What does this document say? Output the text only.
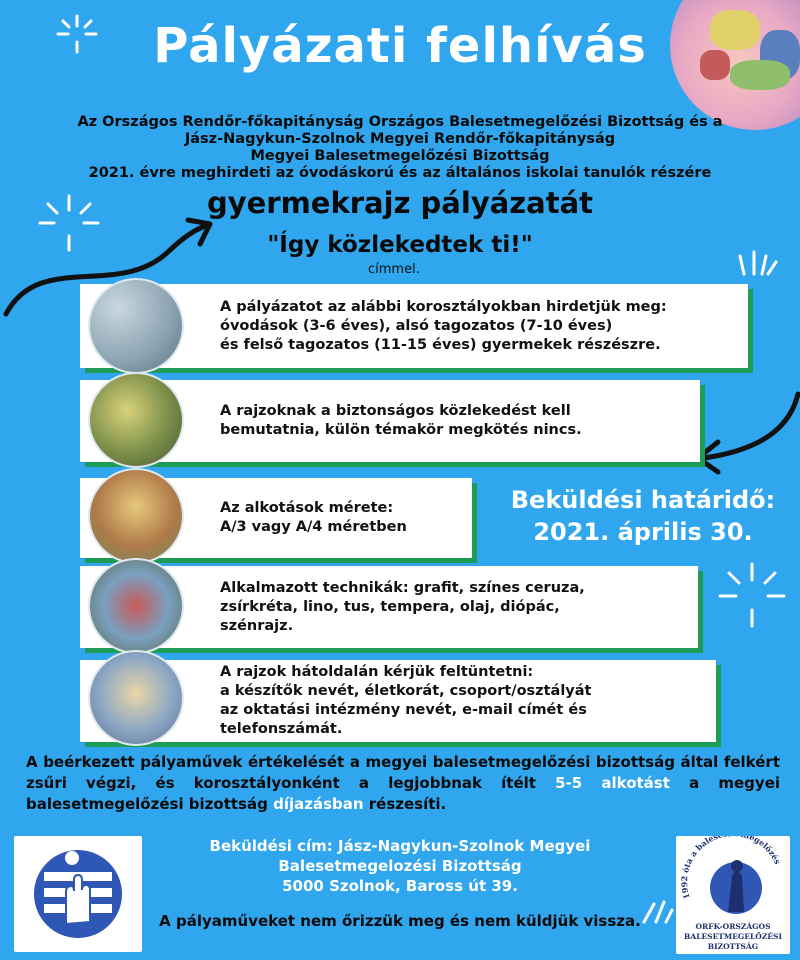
Pályázati felhívás
Az Országos Rendőr-főkapitányság Országos Balesetmegelőzési Bizottság és a
Jász-Nagykun-Szolnok Megyei Rendőr-főkapitányság
Megyei Balesetmegelőzési Bizottság
2021. évre meghirdeti az óvodáskorú és az általános iskolai tanulók részére
gyermekrajz pályázatát
"Így közlekedtek ti!"
címmel.
A pályázatot az alábbi korosztályokban hirdetjük meg:
óvodások (3-6 éves), alsó tagozatos (7-10 éves)
és felső tagozatos (11-15 éves) gyermekek részészre.
A rajzoknak a biztonságos közlekedést kell
bemutatnia, külön témakör megkötés nincs.
Az alkotások mérete:
A/3 vagy A/4 méretben
Beküldési határidő:
2021. április 30.
Alkalmazott technikák: grafit, színes ceruza,
zsírkréta, lino, tus, tempera, olaj, diópác,
szénrajz.
A rajzok hátoldalán kérjük feltüntetni:
a készítők nevét, életkorát, csoport/osztályát
az oktatási intézmény nevét, e-mail címét és
telefonszámát.
A beérkezett pályaművek értékelését a megyei balesetmegelőzési bizottság által felkért zsűri végzi, és korosztályonként a legjobbnak ítélt 5-5 alkotást a megyei balesetmegelőzési bizottság díjazásban részesíti.
Beküldési cím: Jász-Nagykun-Szolnok Megyei
Balesetmegelozési Bizottság
5000 Szolnok, Baross út 39.
A pályaműveket nem őrizzük meg és nem küldjük vissza.
1992 óta a bales egelőzés
ORFK-ORSZÁGOS
BALESETMEGELŐZÉSI
BIZOTTSÁG
